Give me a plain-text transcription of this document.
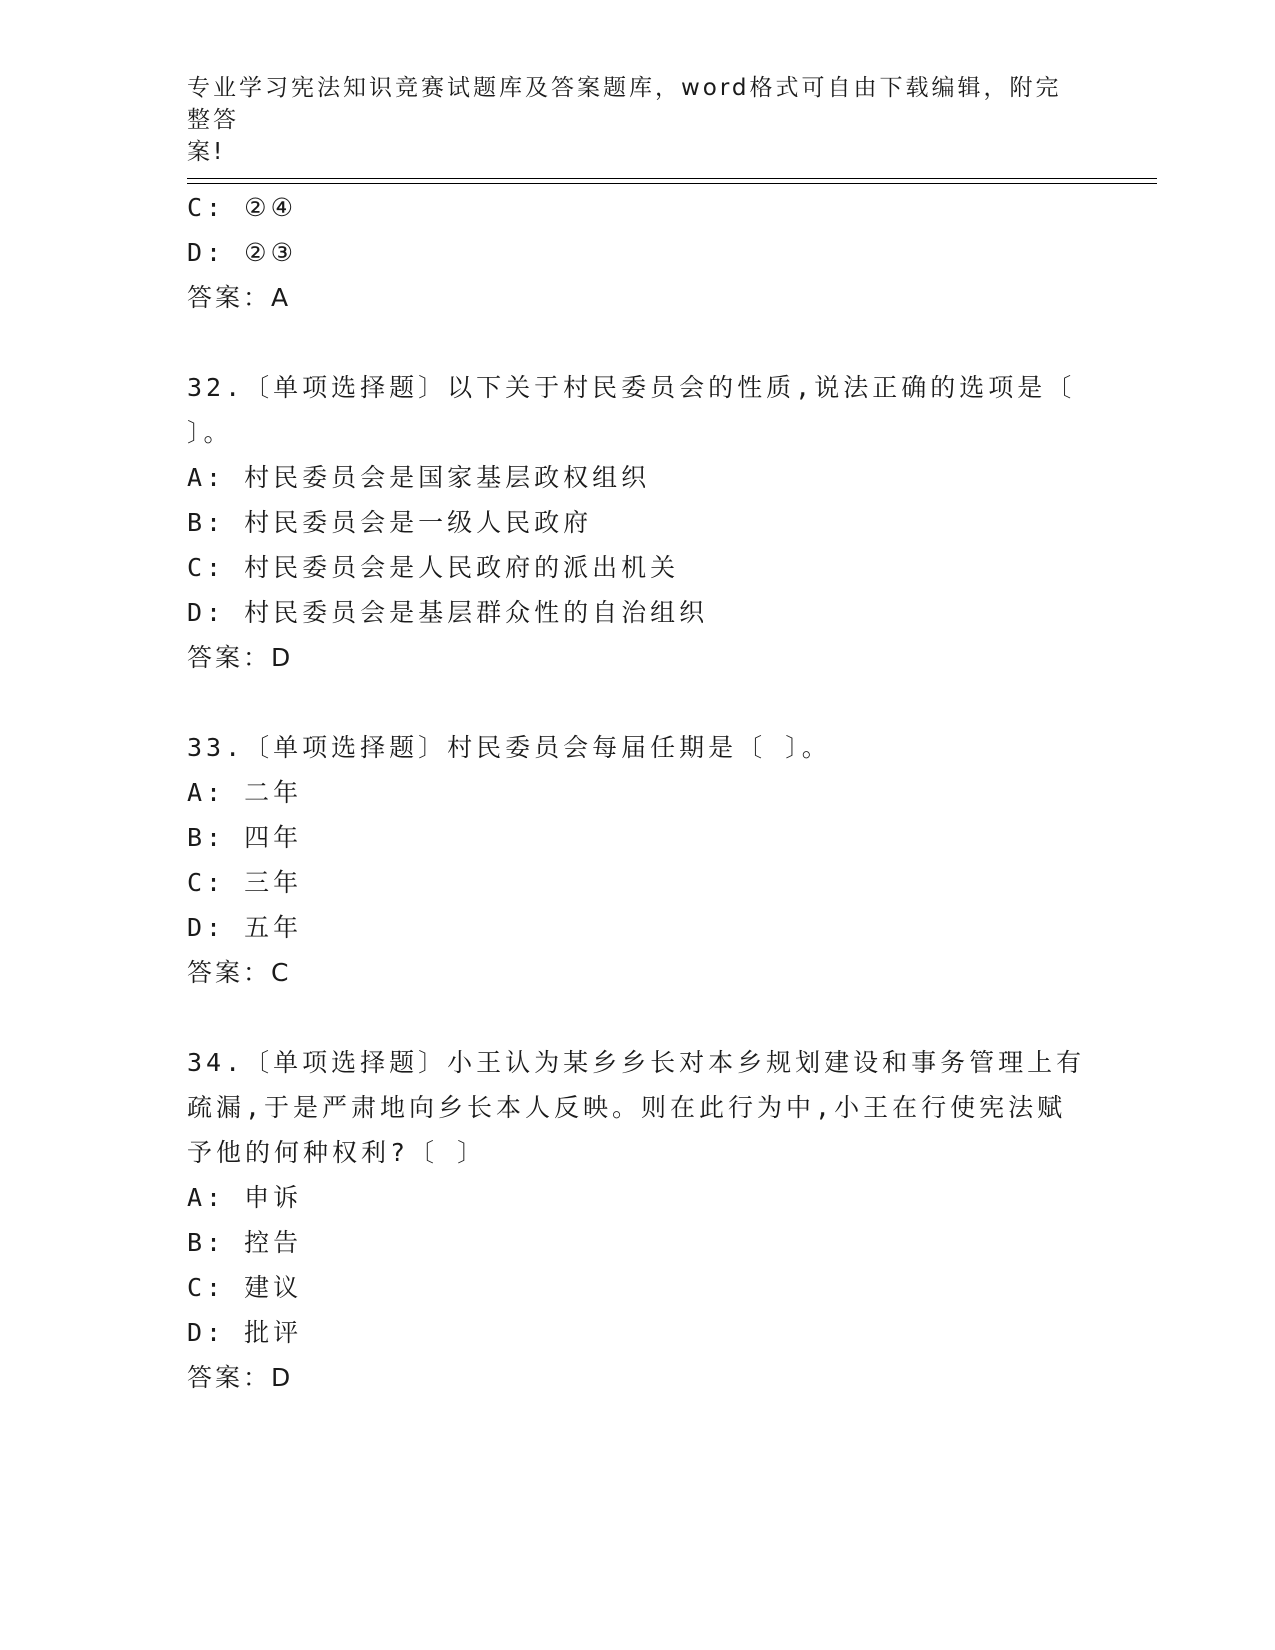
专业学习宪法知识竞赛试题库及答案题库，word格式可自由下载编辑，附完整答
案!
C: ②④
D: ②③
答案：A
32.〔单项选择题〕以下关于村民委员会的性质,说法正确的选项是〔
〕。
A: 村民委员会是国家基层政权组织
B: 村民委员会是一级人民政府
C: 村民委员会是人民政府的派出机关
D: 村民委员会是基层群众性的自治组织
答案：D
33.〔单项选择题〕村民委员会每届任期是〔 〕。
A: 二年
B: 四年
C: 三年
D: 五年
答案：C
34.〔单项选择题〕小王认为某乡乡长对本乡规划建设和事务管理上有
疏漏,于是严肃地向乡长本人反映。则在此行为中,小王在行使宪法赋
予他的何种权利?〔 〕
A: 申诉
B: 控告
C: 建议
D: 批评
答案：D
